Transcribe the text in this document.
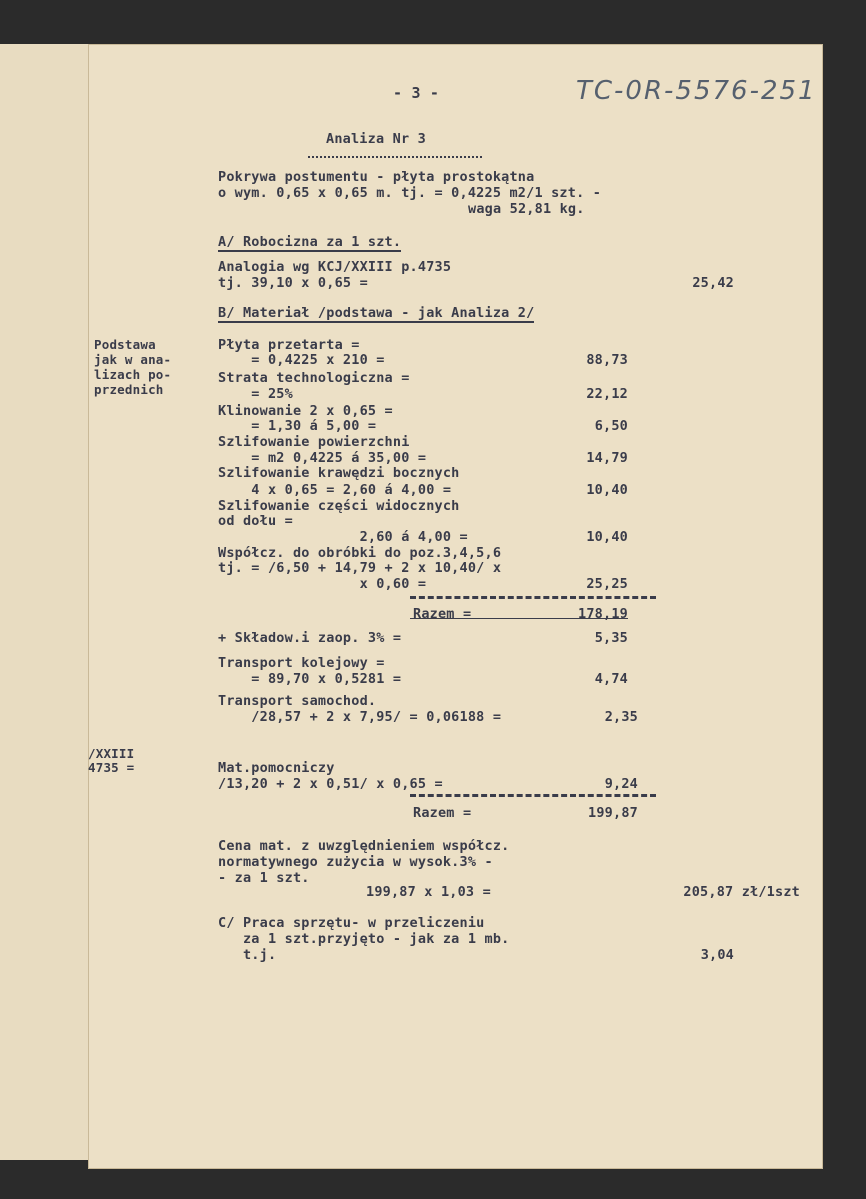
- 3 -	TC-0R-5576-251
Analiza Nr 3
Pokrywa postumentu - płyta prostokątna
o wym. 0,65 x 0,65 m. tj. = 0,4225 m2/1 szt. -
waga 52,81 kg.
A/ Robocizna za 1 szt.
Analogia wg KCJ/XXIII p.4735
tj. 39,10 x 0,65 =	25,42
B/ Materiał /podstawa - jak Analiza 2/
Podstawa
jak w ana-
lizach po-
przednich
/XXIII
4735 =
Płyta przetarta =
= 0,4225 x 210 =	88,73
Strata technologiczna =
= 25%	22,12
Klinowanie 2 x 0,65 =
= 1,30 á 5,00 =	6,50
Szlifowanie powierzchni
= m2 0,4225 á 35,00 =	14,79
Szlifowanie krawędzi bocznych
4 x 0,65 = 2,60 á 4,00 =	10,40
Szlifowanie części widocznych
od dołu =
2,60 á 4,00 =	10,40
Współcz. do obróbki do poz.3,4,5,6
tj. = /6,50 + 14,79 + 2 x 10,40/ x
x 0,60 =	25,25
Razem =	178,19
+ Składow.i zaop. 3% =	5,35
Transport kolejowy =
= 89,70 x 0,5281 =	4,74
Transport samochod.
/28,57 + 2 x 7,95/ = 0,06188 =	2,35
Mat.pomocniczy
/13,20 + 2 x 0,51/ x 0,65 =	9,24
Razem =	199,87
Cena mat. z uwzględnieniem współcz.
normatywnego zużycia w wysok.3% -
- za 1 szt.
199,87 x 1,03 =	205,87 zł/1szt
C/ Praca sprzętu- w przeliczeniu
za 1 szt.przyjęto - jak za 1 mb.
t.j.	3,04
